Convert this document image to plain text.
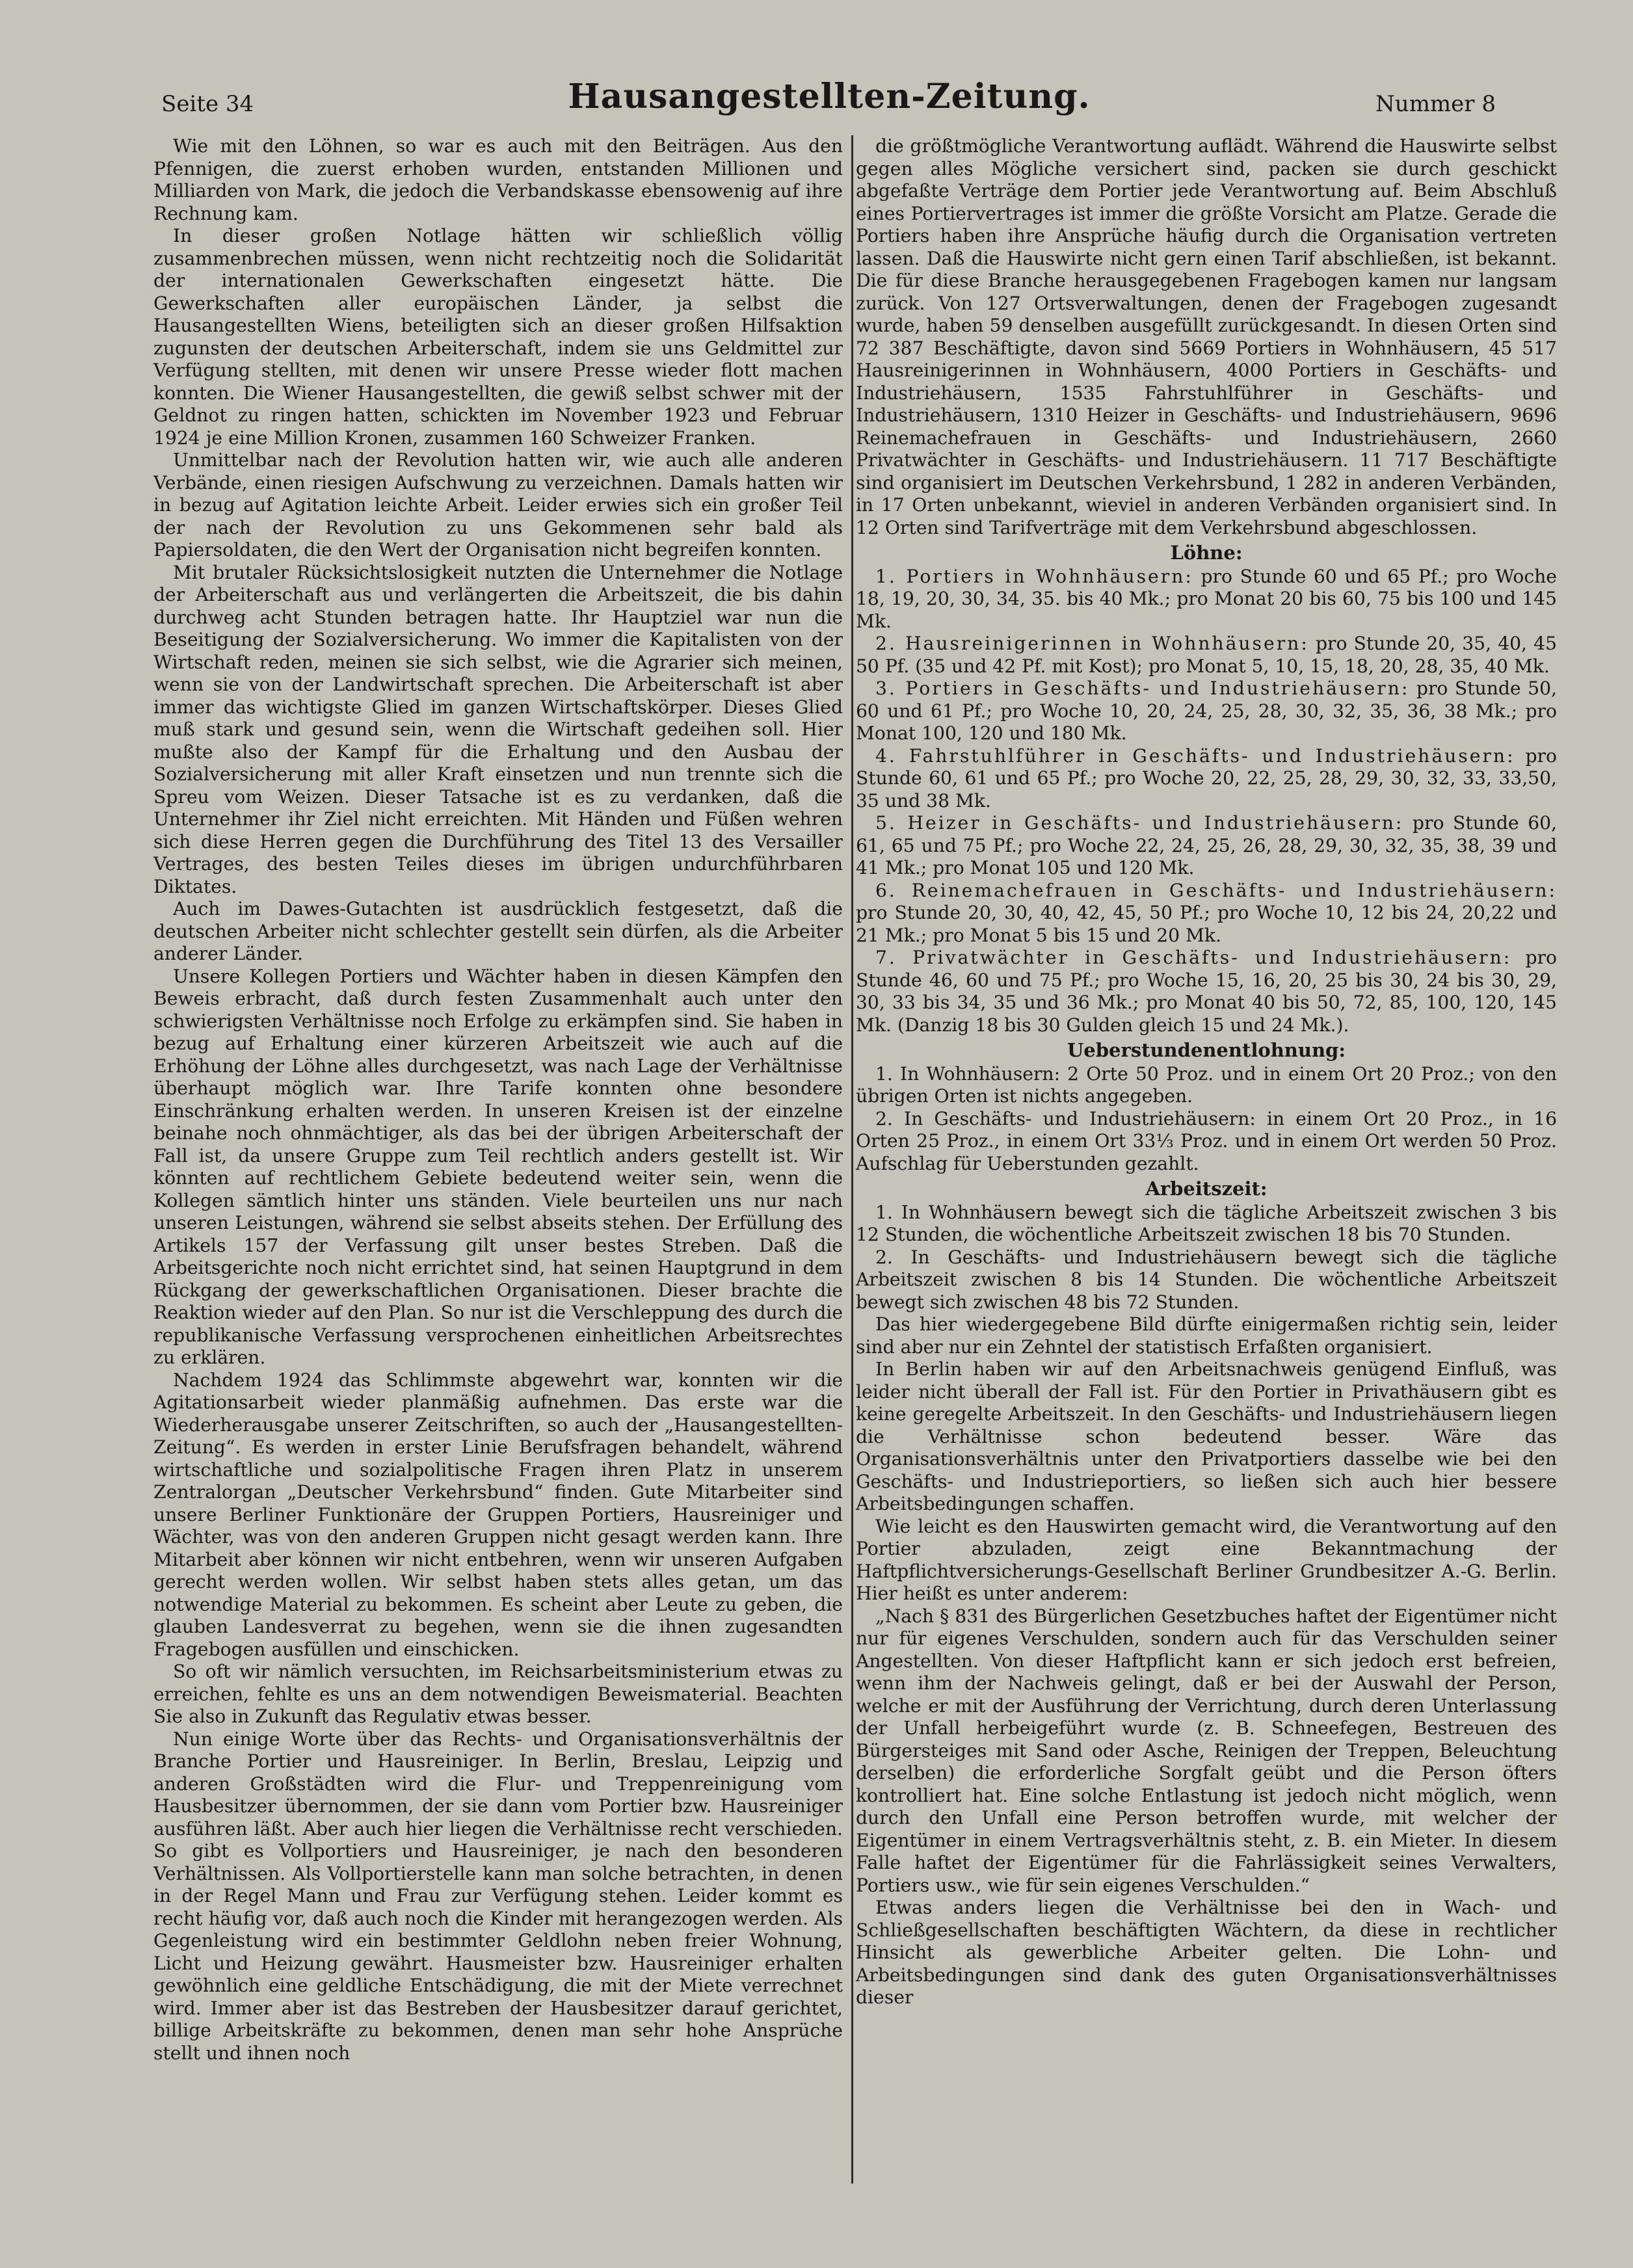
Seite 34	Hausangestellten-Zeitung.	Nummer 8

Wie mit den Löhnen, so war es auch mit den Beiträgen. Aus den Pfennigen, die zuerst erhoben wurden, entstanden Millionen und Milliarden von Mark, die jedoch die Verbandskasse ebensowenig auf ihre Rechnung kam.

In dieser großen Notlage hätten wir schließlich völlig zusammenbrechen müssen, wenn nicht rechtzeitig noch die Solidarität der internationalen Gewerkschaften eingesetzt hätte. Die Gewerkschaften aller europäischen Länder, ja selbst die Hausangestellten Wiens, beteiligten sich an dieser großen Hilfsaktion zugunsten der deutschen Arbeiterschaft, indem sie uns Geldmittel zur Verfügung stellten, mit denen wir unsere Presse wieder flott machen konnten. Die Wiener Hausangestellten, die gewiß selbst schwer mit der Geldnot zu ringen hatten, schickten im November 1923 und Februar 1924 je eine Million Kronen, zusammen 160 Schweizer Franken.

Unmittelbar nach der Revolution hatten wir, wie auch alle anderen Verbände, einen riesigen Aufschwung zu verzeichnen. Damals hatten wir in bezug auf Agitation leichte Arbeit. Leider erwies sich ein großer Teil der nach der Revolution zu uns Gekommenen sehr bald als Papiersoldaten, die den Wert der Organisation nicht begreifen konnten.

Mit brutaler Rücksichtslosigkeit nutzten die Unternehmer die Notlage der Arbeiterschaft aus und verlängerten die Arbeitszeit, die bis dahin durchweg acht Stunden betragen hatte. Ihr Hauptziel war nun die Beseitigung der Sozialversicherung. Wo immer die Kapitalisten von der Wirtschaft reden, meinen sie sich selbst, wie die Agrarier sich meinen, wenn sie von der Landwirtschaft sprechen. Die Arbeiterschaft ist aber immer das wichtigste Glied im ganzen Wirtschaftskörper. Dieses Glied muß stark und gesund sein, wenn die Wirtschaft gedeihen soll. Hier mußte also der Kampf für die Erhaltung und den Ausbau der Sozialversicherung mit aller Kraft einsetzen und nun trennte sich die Spreu vom Weizen. Dieser Tatsache ist es zu verdanken, daß die Unternehmer ihr Ziel nicht erreichten. Mit Händen und Füßen wehren sich diese Herren gegen die Durchführung des Titel 13 des Versailler Vertrages, des besten Teiles dieses im übrigen undurchführbaren Diktates.

Auch im Dawes-Gutachten ist ausdrücklich festgesetzt, daß die deutschen Arbeiter nicht schlechter gestellt sein dürfen, als die Arbeiter anderer Länder.

Unsere Kollegen Portiers und Wächter haben in diesen Kämpfen den Beweis erbracht, daß durch festen Zusammenhalt auch unter den schwierigsten Verhältnisse noch Erfolge zu erkämpfen sind. Sie haben in bezug auf Erhaltung einer kürzeren Arbeitszeit wie auch auf die Erhöhung der Löhne alles durchgesetzt, was nach Lage der Verhältnisse überhaupt möglich war. Ihre Tarife konnten ohne besondere Einschränkung erhalten werden. In unseren Kreisen ist der einzelne beinahe noch ohnmächtiger, als das bei der übrigen Arbeiterschaft der Fall ist, da unsere Gruppe zum Teil rechtlich anders gestellt ist. Wir könnten auf rechtlichem Gebiete bedeutend weiter sein, wenn die Kollegen sämtlich hinter uns ständen. Viele beurteilen uns nur nach unseren Leistungen, während sie selbst abseits stehen. Der Erfüllung des Artikels 157 der Verfassung gilt unser bestes Streben. Daß die Arbeitsgerichte noch nicht errichtet sind, hat seinen Hauptgrund in dem Rückgang der gewerkschaftlichen Organisationen. Dieser brachte die Reaktion wieder auf den Plan. So nur ist die Verschleppung des durch die republikanische Verfassung versprochenen einheitlichen Arbeitsrechtes zu erklären.

Nachdem 1924 das Schlimmste abgewehrt war, konnten wir die Agitationsarbeit wieder planmäßig aufnehmen. Das erste war die Wiederherausgabe unserer Zeitschriften, so auch der „Hausangestellten-Zeitung“. Es werden in erster Linie Berufsfragen behandelt, während wirtschaftliche und sozialpolitische Fragen ihren Platz in unserem Zentralorgan „Deutscher Verkehrsbund“ finden. Gute Mitarbeiter sind unsere Berliner Funktionäre der Gruppen Portiers, Hausreiniger und Wächter, was von den anderen Gruppen nicht gesagt werden kann. Ihre Mitarbeit aber können wir nicht entbehren, wenn wir unseren Aufgaben gerecht werden wollen. Wir selbst haben stets alles getan, um das notwendige Material zu bekommen. Es scheint aber Leute zu geben, die glauben Landesverrat zu begehen, wenn sie die ihnen zugesandten Fragebogen ausfüllen und einschicken.

So oft wir nämlich versuchten, im Reichsarbeitsministerium etwas zu erreichen, fehlte es uns an dem notwendigen Beweismaterial. Beachten Sie also in Zukunft das Regulativ etwas besser.

Nun einige Worte über das Rechts- und Organisationsverhältnis der Branche Portier und Hausreiniger. In Berlin, Breslau, Leipzig und anderen Großstädten wird die Flur- und Treppenreinigung vom Hausbesitzer übernommen, der sie dann vom Portier bzw. Hausreiniger ausführen läßt. Aber auch hier liegen die Verhältnisse recht verschieden. So gibt es Vollportiers und Hausreiniger, je nach den besonderen Verhältnissen. Als Vollportierstelle kann man solche betrachten, in denen in der Regel Mann und Frau zur Verfügung stehen. Leider kommt es recht häufig vor, daß auch noch die Kinder mit herangezogen werden. Als Gegenleistung wird ein bestimmter Geldlohn neben freier Wohnung, Licht und Heizung gewährt. Hausmeister bzw. Hausreiniger erhalten gewöhnlich eine geldliche Entschädigung, die mit der Miete verrechnet wird. Immer aber ist das Bestreben der Hausbesitzer darauf gerichtet, billige Arbeitskräfte zu bekommen, denen man sehr hohe Ansprüche stellt und ihnen noch

die größtmögliche Verantwortung auflädt. Während die Hauswirte selbst gegen alles Mögliche versichert sind, packen sie durch geschickt abgefaßte Verträge dem Portier jede Verantwortung auf. Beim Abschluß eines Portiervertrages ist immer die größte Vorsicht am Platze. Gerade die Portiers haben ihre Ansprüche häufig durch die Organisation vertreten lassen. Daß die Hauswirte nicht gern einen Tarif abschließen, ist bekannt. Die für diese Branche herausgegebenen Fragebogen kamen nur langsam zurück. Von 127 Ortsverwaltungen, denen der Fragebogen zugesandt wurde, haben 59 denselben ausgefüllt zurückgesandt. In diesen Orten sind 72 387 Beschäftigte, davon sind 5669 Portiers in Wohnhäusern, 45 517 Hausreinigerinnen in Wohnhäusern, 4000 Portiers in Geschäfts- und Industriehäusern, 1535 Fahrstuhlführer in Geschäfts- und Industriehäusern, 1310 Heizer in Geschäfts- und Industriehäusern, 9696 Reinemachefrauen in Geschäfts- und Industriehäusern, 2660 Privatwächter in Geschäfts- und Industriehäusern. 11 717 Beschäftigte sind organisiert im Deutschen Verkehrsbund, 1 282 in anderen Verbänden, in 17 Orten unbekannt, wieviel in anderen Verbänden organisiert sind. In 12 Orten sind Tarifverträge mit dem Verkehrsbund abgeschlossen.

Löhne:

1. Portiers in Wohnhäusern: pro Stunde 60 und 65 Pf.; pro Woche 18, 19, 20, 30, 34, 35. bis 40 Mk.; pro Monat 20 bis 60, 75 bis 100 und 145 Mk.

2. Hausreinigerinnen in Wohnhäusern: pro Stunde 20, 35, 40, 45 50 Pf. (35 und 42 Pf. mit Kost); pro Monat 5, 10, 15, 18, 20, 28, 35, 40 Mk.

3. Portiers in Geschäfts- und Industriehäusern: pro Stunde 50, 60 und 61 Pf.; pro Woche 10, 20, 24, 25, 28, 30, 32, 35, 36, 38 Mk.; pro Monat 100, 120 und 180 Mk.

4. Fahrstuhlführer in Geschäfts- und Industriehäusern: pro Stunde 60, 61 und 65 Pf.; pro Woche 20, 22, 25, 28, 29, 30, 32, 33, 33,50, 35 und 38 Mk.

5. Heizer in Geschäfts- und Industriehäusern: pro Stunde 60, 61, 65 und 75 Pf.; pro Woche 22, 24, 25, 26, 28, 29, 30, 32, 35, 38, 39 und 41 Mk.; pro Monat 105 und 120 Mk.

6. Reinemachefrauen in Geschäfts- und Industriehäusern: pro Stunde 20, 30, 40, 42, 45, 50 Pf.; pro Woche 10, 12 bis 24, 20,22 und 21 Mk.; pro Monat 5 bis 15 und 20 Mk.

7. Privatwächter in Geschäfts- und Industriehäusern: pro Stunde 46, 60 und 75 Pf.; pro Woche 15, 16, 20, 25 bis 30, 24 bis 30, 29, 30, 33 bis 34, 35 und 36 Mk.; pro Monat 40 bis 50, 72, 85, 100, 120, 145 Mk. (Danzig 18 bis 30 Gulden gleich 15 und 24 Mk.).

Ueberstundenentlohnung:

1. In Wohnhäusern: 2 Orte 50 Proz. und in einem Ort 20 Proz.; von den übrigen Orten ist nichts angegeben.

2. In Geschäfts- und Industriehäusern: in einem Ort 20 Proz., in 16 Orten 25 Proz., in einem Ort 33⅓ Proz. und in einem Ort werden 50 Proz. Aufschlag für Ueberstunden gezahlt.

Arbeitszeit:

1. In Wohnhäusern bewegt sich die tägliche Arbeitszeit zwischen 3 bis 12 Stunden, die wöchentliche Arbeitszeit zwischen 18 bis 70 Stunden.

2. In Geschäfts- und Industriehäusern bewegt sich die tägliche Arbeitszeit zwischen 8 bis 14 Stunden. Die wöchentliche Arbeitszeit bewegt sich zwischen 48 bis 72 Stunden.

Das hier wiedergegebene Bild dürfte einigermaßen richtig sein, leider sind aber nur ein Zehntel der statistisch Erfaßten organisiert.

In Berlin haben wir auf den Arbeitsnachweis genügend Einfluß, was leider nicht überall der Fall ist. Für den Portier in Privathäusern gibt es keine geregelte Arbeitszeit. In den Geschäfts- und Industriehäusern liegen die Verhältnisse schon bedeutend besser. Wäre das Organisationsverhältnis unter den Privatportiers dasselbe wie bei den Geschäfts- und Industrieportiers, so ließen sich auch hier bessere Arbeitsbedingungen schaffen.

Wie leicht es den Hauswirten gemacht wird, die Verantwortung auf den Portier abzuladen, zeigt eine Bekanntmachung der Haftpflichtversicherungs-Gesellschaft Berliner Grundbesitzer A.-G. Berlin. Hier heißt es unter anderem:

„Nach § 831 des Bürgerlichen Gesetzbuches haftet der Eigentümer nicht nur für eigenes Verschulden, sondern auch für das Verschulden seiner Angestellten. Von dieser Haftpflicht kann er sich jedoch erst befreien, wenn ihm der Nachweis gelingt, daß er bei der Auswahl der Person, welche er mit der Ausführung der Verrichtung, durch deren Unterlassung der Unfall herbeigeführt wurde (z. B. Schneefegen, Bestreuen des Bürgersteiges mit Sand oder Asche, Reinigen der Treppen, Beleuchtung derselben) die erforderliche Sorgfalt geübt und die Person öfters kontrolliert hat. Eine solche Entlastung ist jedoch nicht möglich, wenn durch den Unfall eine Person betroffen wurde, mit welcher der Eigentümer in einem Vertragsverhältnis steht, z. B. ein Mieter. In diesem Falle haftet der Eigentümer für die Fahrlässigkeit seines Verwalters, Portiers usw., wie für sein eigenes Verschulden.“

Etwas anders liegen die Verhältnisse bei den in Wach- und Schließgesellschaften beschäftigten Wächtern, da diese in rechtlicher Hinsicht als gewerbliche Arbeiter gelten. Die Lohn- und Arbeitsbedingungen sind dank des guten Organisationsverhältnisses dieser
